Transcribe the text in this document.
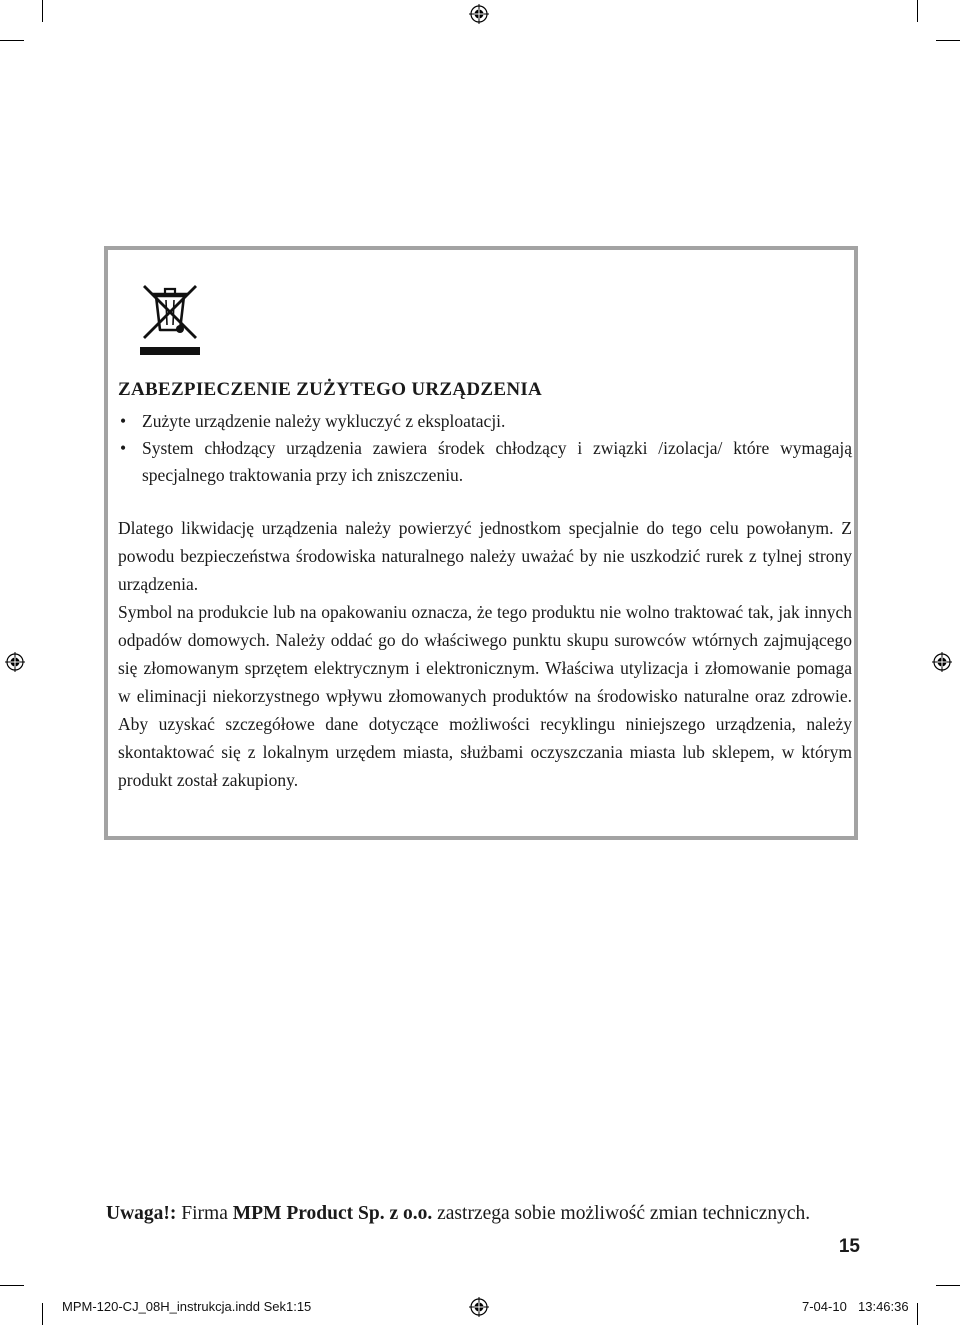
ZABEZPIECZENIE ZUŻYTEGO URZĄDZENIA
• Zużyte urządzenie należy wykluczyć z eksploatacji.
• System chłodzący urządzenia zawiera środek chłodzący i związki /izolacja/ które wymagają specjalnego traktowania przy ich zniszczeniu.

Dlatego likwidację urządzenia należy powierzyć jednostkom specjalnie do tego celu powołanym. Z powodu bezpieczeństwa środowiska naturalnego należy uważać by nie uszkodzić rurek z tylnej strony urządzenia.

Symbol na produkcie lub na opakowaniu oznacza, że tego produktu nie wolno traktować tak, jak innych odpadów domowych. Należy oddać go do właściwego punktu skupu surowców wtórnych zajmującego się złomowanym sprzętem elektrycznym i elektronicznym. Właściwa utylizacja i złomowanie pomaga w eliminacji niekorzystnego wpływu złomowanych produktów na środowisko naturalne oraz zdrowie. Aby uzyskać szczegółowe dane dotyczące możliwości recyklingu niniejszego urządzenia, należy skontaktować się z lokalnym urzędem miasta, służbami oczyszczania miasta lub sklepem, w którym produkt został zakupiony.

Uwaga!: Firma MPM Product Sp. z o.o. zastrzega sobie możliwość zmian technicznych.
15
MPM-120-CJ_08H_instrukcja.indd Sek1:15	7-04-10 13:46:36
